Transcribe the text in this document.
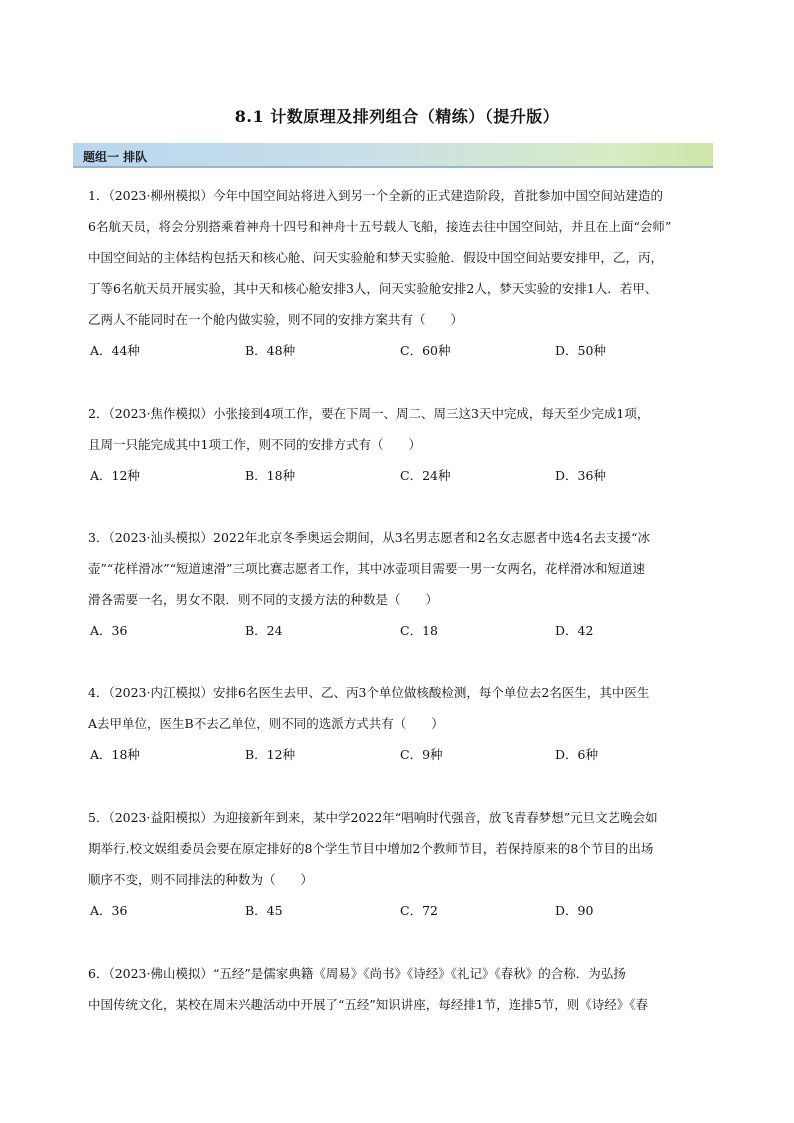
8.1 计数原理及排列组合（精练）（提升版）
题组一 排队

1．（2023·柳州模拟）今年中国空间站将进入到另一个全新的正式建造阶段，首批参加中国空间站建造的

6名航天员，将会分别搭乘着神舟十四号和神舟十五号载人飞船，接连去往中国空间站，并且在上面“会师”

中国空间站的主体结构包括天和核心舱、问天实验舱和梦天实验舱．假设中国空间站要安排甲，乙，丙，

丁等6名航天员开展实验，其中天和核心舱安排3人，问天实验舱安排2人，梦天实验的安排1人．若甲、

乙两人不能同时在一个舱内做实验，则不同的安排方案共有（　　）

A．44种	B．48种	C．60种	D．50种

2．（2023·焦作模拟）小张接到4项工作，要在下周一、周二、周三这3天中完成，每天至少完成1项，

且周一只能完成其中1项工作，则不同的安排方式有（　　）

A．12种	B．18种	C．24种	D．36种

3．（2023·汕头模拟）2022年北京冬季奥运会期间，从3名男志愿者和2名女志愿者中选4名去支援“冰

壶”“花样滑冰”“短道速滑”三项比赛志愿者工作，其中冰壶项目需要一男一女两名，花样滑冰和短道速

滑各需要一名，男女不限．则不同的支援方法的种数是（　　）

A．36	B．24	C．18	D．42

4．（2023·内江模拟）安排6名医生去甲、乙、丙3个单位做核酸检测，每个单位去2名医生，其中医生

A去甲单位，医生B不去乙单位，则不同的选派方式共有（　　）

A．18种	B．12种	C．9种	D．6种

5．（2023·益阳模拟）为迎接新年到来，某中学2022年“唱响时代强音，放飞青春梦想”元旦文艺晚会如

期举行.校文娱组委员会要在原定排好的8个学生节目中增加2个教师节目，若保持原来的8个节目的出场

顺序不变，则不同排法的种数为（　　）

A．36	B．45	C．72	D．90

6．（2023·佛山模拟）“五经”是儒家典籍《周易》《尚书》《诗经》《礼记》《春秋》的合称．为弘扬

中国传统文化，某校在周末兴趣活动中开展了“五经”知识讲座，每经排1节，连排5节，则《诗经》《春
